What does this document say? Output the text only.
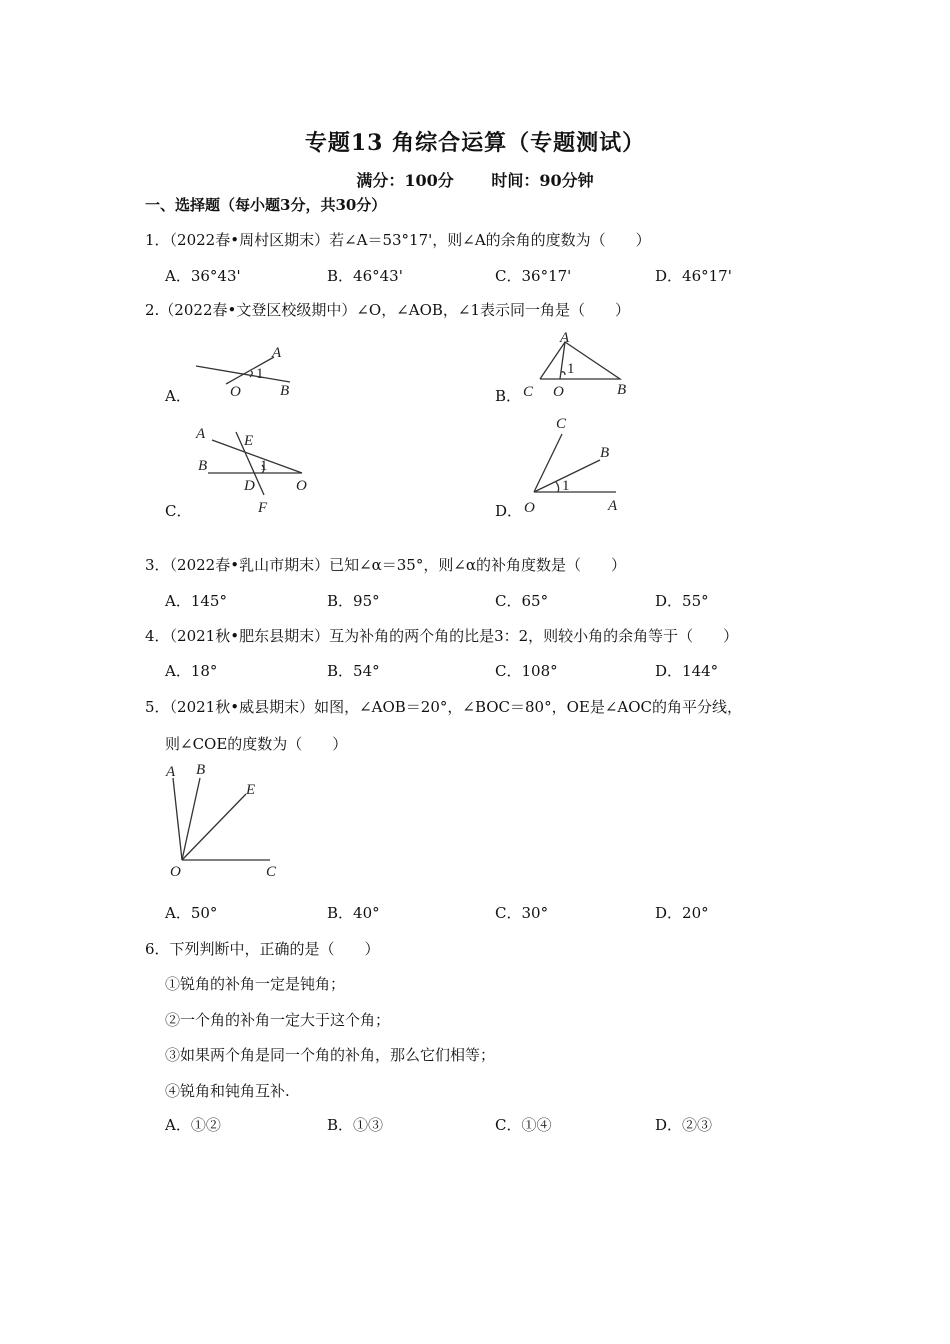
专题13 角综合运算（专题测试）
满分：100分 时间：90分钟
一、选择题（每小题3分，共30分）
1．（2022春•周村区期末）若∠A＝53°17'，则∠A的余角的度数为（　　）
A．36°43'	B．46°43'	C．36°17'	D．46°17'
2.（2022春•文登区校级期中）∠O，∠AOB，∠1表示同一角是（　　）
A．
A
1
O	B	B．
A
1
C O	B
C．
A	E
B	1
D	O
F	D．
C
B
1
O	A
3．（2022春•乳山市期末）已知∠α＝35°，则∠α的补角度数是（　　）
A．145°	B．95°	C．65°	D．55°
4．（2021秋•肥东县期末）互为补角的两个角的比是3：2，则较小角的余角等于（　　）
A．18°	B．54°	C．108°	D．144°
5．（2021秋•威县期末）如图，∠AOB＝20°，∠BOC＝80°，OE是∠AOC的角平分线，
则∠COE的度数为（　　）
A B
E
O	C
A．50°	B．40°	C．30°	D．20°
6．下列判断中，正确的是（　　）
①锐角的补角一定是钝角；
②一个角的补角一定大于这个角；
③如果两个角是同一个角的补角，那么它们相等；
④锐角和钝角互补.
A．①②	B．①③	C．①④	D．②③
